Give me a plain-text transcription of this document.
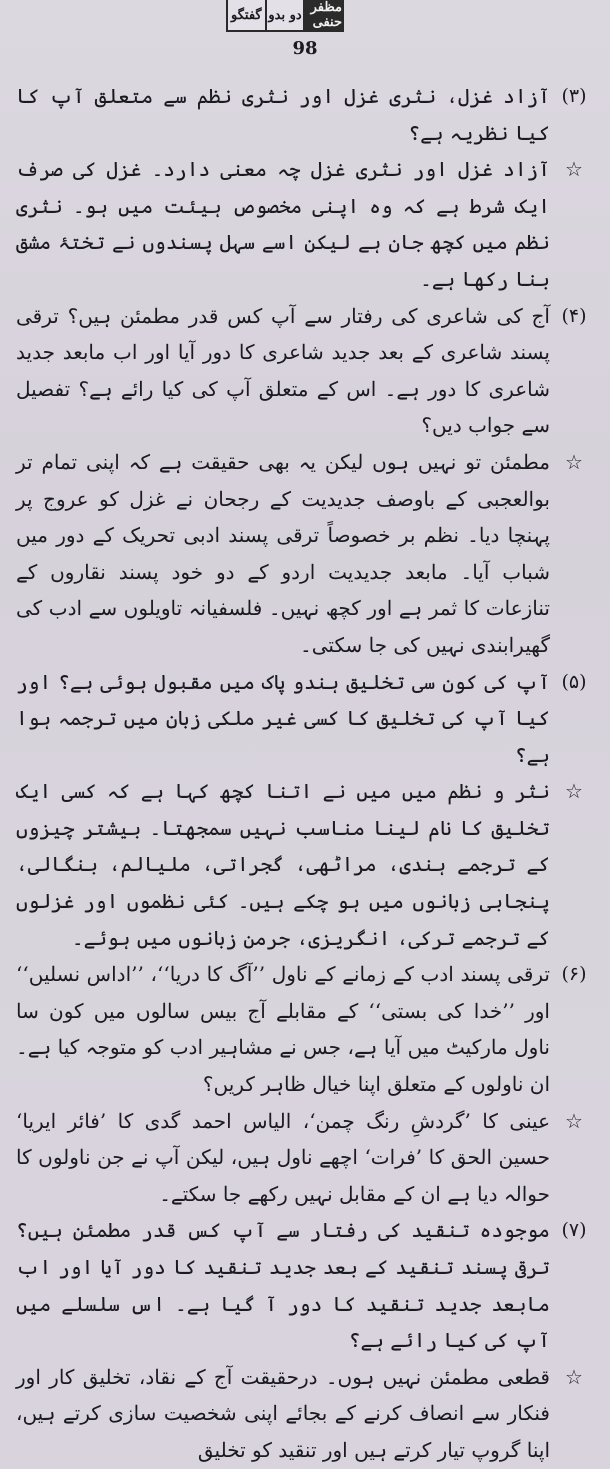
مظفر حنفی
دو بدو
گفتگو
98

(۳)
آزاد غزل، نثری غزل اور نثری نظم سے متعلق آپ کا کیا نظریہ ہے؟

☆
آزاد غزل اور نثری غزل چہ معنی دارد۔ غزل کی صرف ایک شرط ہے کہ وہ اپنی مخصوص ہیئت میں ہو۔ نثری نظم میں کچھ جان ہے لیکن اسے سہل پسندوں نے تختۂ مشق بنا رکھا ہے۔

(۴)
آج کی شاعری کی رفتار سے آپ کس قدر مطمئن ہیں؟ ترقی پسند شاعری کے بعد جدید شاعری کا دور آیا اور اب مابعد جدید شاعری کا دور ہے۔ اس کے متعلق آپ کی کیا رائے ہے؟ تفصیل سے جواب دیں؟

☆
مطمئن تو نہیں ہوں لیکن یہ بھی حقیقت ہے کہ اپنی تمام تر بوالعجبی کے باوصف جدیدیت کے رجحان نے غزل کو عروج پر پہنچا دیا۔ نظم بر خصوصاً ترقی پسند ادبی تحریک کے دور میں شباب آیا۔ مابعد جدیدیت اردو کے دو خود پسند نقاروں کے تنازعات کا ثمر ہے اور کچھ نہیں۔ فلسفیانہ تاویلوں سے ادب کی گھیرابندی نہیں کی جا سکتی۔

(۵)
آپ کی کون سی تخلیق ہندو پاک میں مقبول ہوئی ہے؟ اور کیا آپ کی تخلیق کا کسی غیر ملکی زبان میں ترجمہ ہوا ہے؟

☆
نثر و نظم میں میں نے اتنا کچھ کہا ہے کہ کسی ایک تخلیق کا نام لینا مناسب نہیں سمجھتا۔ بیشتر چیزوں کے ترجمے ہندی، مراٹھی، گجراتی، ملیالم، بنگالی، پنجابی زبانوں میں ہو چکے ہیں۔ کئی نظموں اور غزلوں کے ترجمے ترکی، انگریزی، جرمن زبانوں میں ہوئے۔

(۶)
ترقی پسند ادب کے زمانے کے ناول ’’آگ کا دریا‘‘، ’’اداس نسلیں‘‘ اور ’’خدا کی بستی‘‘ کے مقابلے آج بیس سالوں میں کون سا ناول مارکیٹ میں آیا ہے، جس نے مشاہیر ادب کو متوجہ کیا ہے۔ ان ناولوں کے متعلق اپنا خیال ظاہر کریں؟

☆
عینی کا ’گردشِ رنگ چمن‘، الیاس احمد گدی کا ’فائر ایریا‘ حسین الحق کا ’فرات‘ اچھے ناول ہیں، لیکن آپ نے جن ناولوں کا حوالہ دیا ہے ان کے مقابل نہیں رکھے جا سکتے۔

(۷)
موجودہ تنقید کی رفتار سے آپ کس قدر مطمئن ہیں؟ ترقی پسند تنقید کے بعد جدید تنقید کا دور آیا اور اب مابعد جدید تنقید کا دور آ گیا ہے۔ اس سلسلے میں آپ کی کیا رائے ہے؟

☆
قطعی مطمئن نہیں ہوں۔ درحقیقت آج کے نقاد، تخلیق کار اور فنکار سے انصاف کرنے کے بجائے اپنی شخصیت سازی کرتے ہیں، اپنا گروپ تیار کرتے ہیں اور تنقید کو تخلیق
